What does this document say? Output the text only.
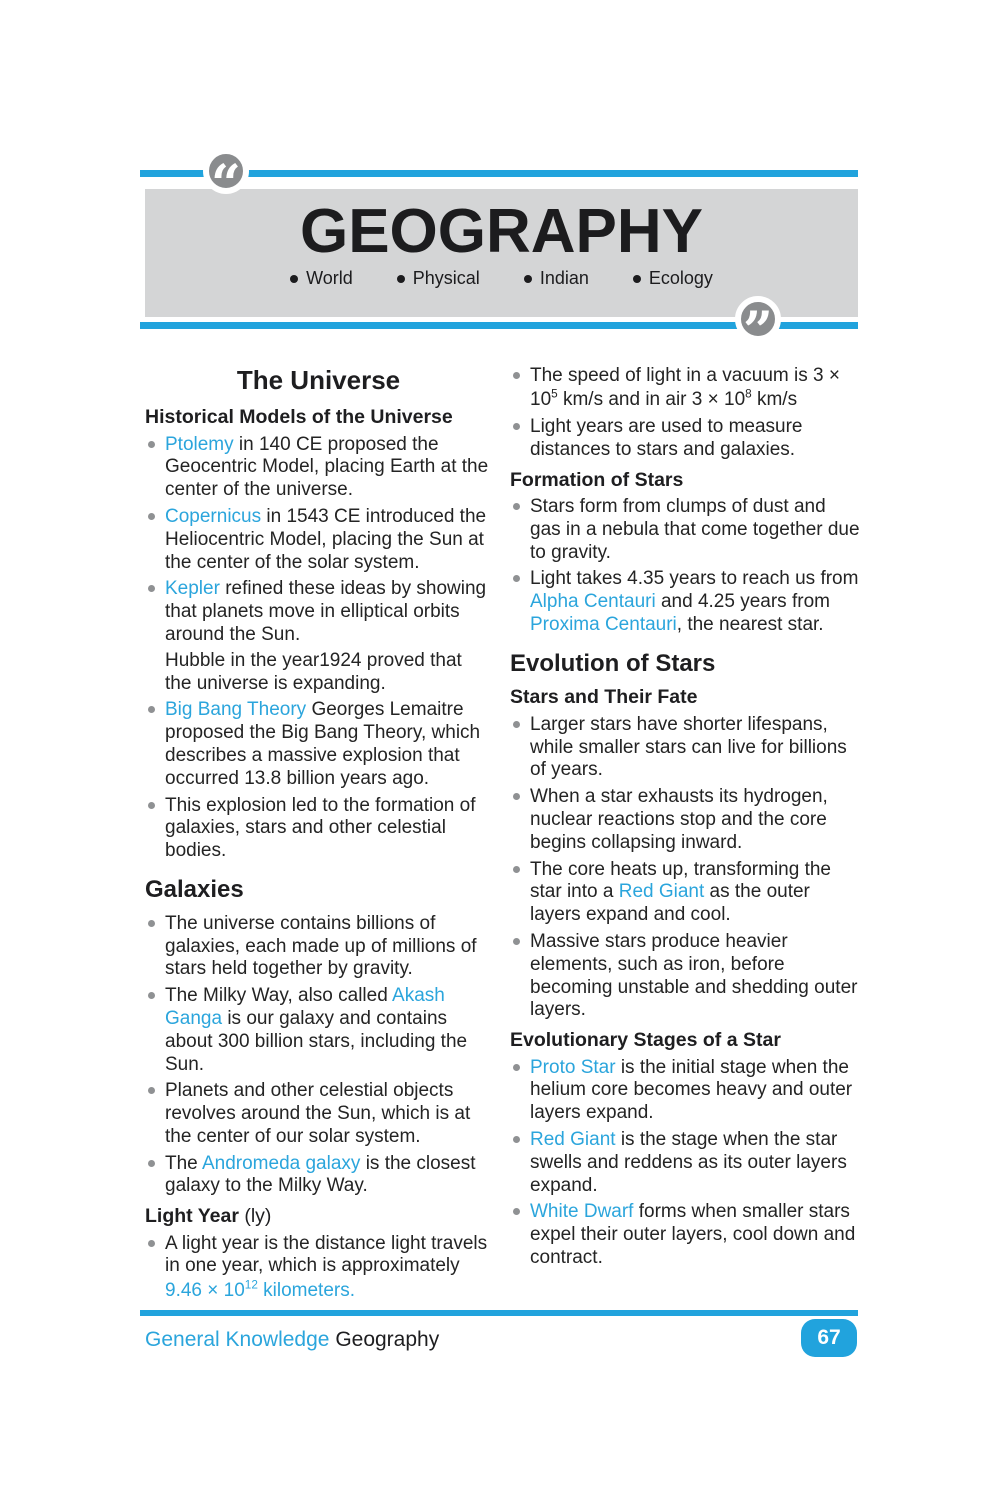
“
GEOGRAPHY
World	Physical	Indian	Ecology
”
The Universe
Historical Models of the Universe
Ptolemy in 140 CE proposed the Geocentric Model, placing Earth at the center of the universe.
Copernicus in 1543 CE introduced the Heliocentric Model, placing the Sun at the center of the solar system.
Kepler refined these ideas by showing that planets move in elliptical orbits around the Sun.
Hubble in the year1924 proved that the universe is expanding.
Big Bang Theory Georges Lemaitre proposed the Big Bang Theory, which describes a massive explosion that occurred 13.8 billion years ago.
This explosion led to the formation of galaxies, stars and other celestial bodies.
Galaxies
The universe contains billions of galaxies, each made up of millions of stars held together by gravity.
The Milky Way, also called Akash Ganga is our galaxy and contains about 300 billion stars, including the Sun.
Planets and other celestial objects revolves around the Sun, which is at the center of our solar system.
The Andromeda galaxy is the closest galaxy to the Milky Way.
Light Year (ly)
A light year is the distance light travels in one year, which is approximately $9.46 \times 10^{12}$ kilometers.
The speed of light in a vacuum is $3 \times 10^5$ km/s and in air $3 \times 10^8$ km/s
Light years are used to measure distances to stars and galaxies.
Formation of Stars
Stars form from clumps of dust and gas in a nebula that come together due to gravity.
Light takes 4.35 years to reach us from Alpha Centauri and 4.25 years from Proxima Centauri, the nearest star.
Evolution of Stars
Stars and Their Fate
Larger stars have shorter lifespans, while smaller stars can live for billions of years.
When a star exhausts its hydrogen, nuclear reactions stop and the core begins collapsing inward.
The core heats up, transforming the star into a Red Giant as the outer layers expand and cool.
Massive stars produce heavier elements, such as iron, before becoming unstable and shedding outer layers.
Evolutionary Stages of a Star
Proto Star is the initial stage when the helium core becomes heavy and outer layers expand.
Red Giant is the stage when the star swells and reddens as its outer layers expand.
White Dwarf forms when smaller stars expel their outer layers, cool down and contract.
General Knowledge Geography	67
